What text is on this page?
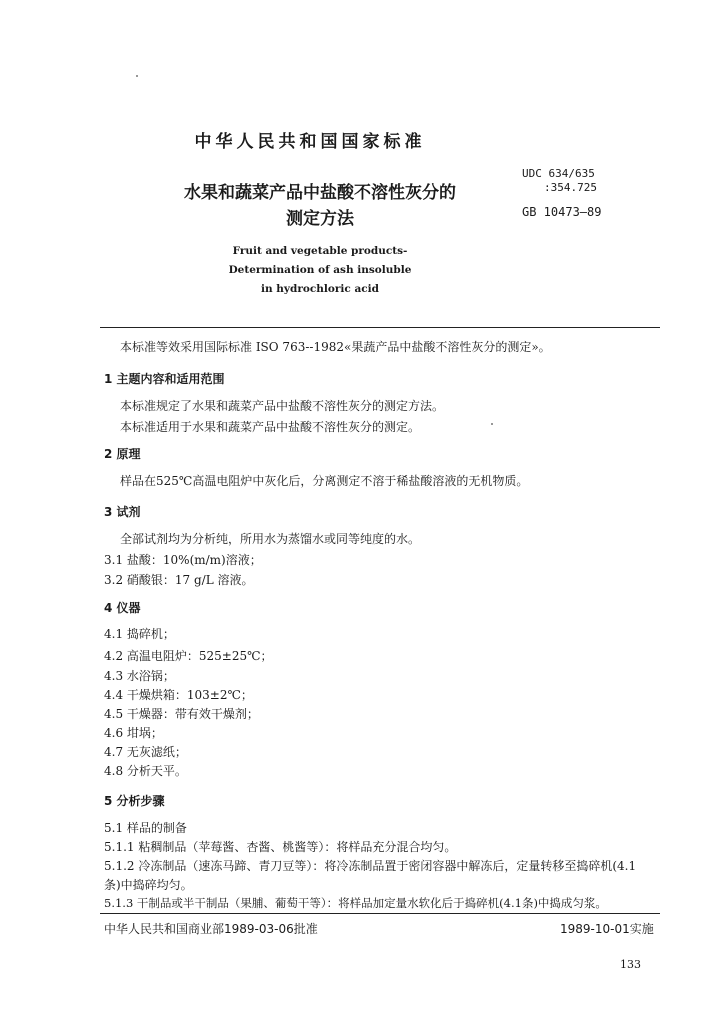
中华人民共和国国家标准
水果和蔬菜产品中盐酸不溶性灰分的
测定方法
UDC 634/635
:354.725
GB 10473—89
Fruit and vegetable products-
Determination of ash insoluble
in hydrochloric acid
本标准等效采用国际标准 ISO 763--1982«果蔬产品中盐酸不溶性灰分的测定»。
1 主题内容和适用范围
本标准规定了水果和蔬菜产品中盐酸不溶性灰分的测定方法。
本标准适用于水果和蔬菜产品中盐酸不溶性灰分的测定。
2 原理
样品在525℃高温电阻炉中灰化后，分离测定不溶于稀盐酸溶液的无机物质。
3 试剂
全部试剂均为分析纯，所用水为蒸馏水或同等纯度的水。
3.1 盐酸：10%(m/m)溶液；
3.2 硝酸银：17 g/L 溶液。
4 仪器
4.1 捣碎机；
4.2 高温电阻炉：525±25℃；
4.3 水浴锅；
4.4 干燥烘箱：103±2℃；
4.5 干燥器：带有效干燥剂；
4.6 坩埚；
4.7 无灰滤纸；
4.8 分析天平。
5 分析步骤
5.1 样品的制备
5.1.1 粘稠制品（苹莓酱、杏酱、桃酱等）：将样品充分混合均匀。
5.1.2 冷冻制品（速冻马蹄、青刀豆等）：将冷冻制品置于密闭容器中解冻后，定量转移至捣碎机(4.1
条)中捣碎均匀。
5.1.3 干制品或半干制品（果脯、葡萄干等）：将样品加定量水软化后于捣碎机(4.1条)中捣成匀浆。
中华人民共和国商业部1989-03-06批准	1989-10-01实施
133
